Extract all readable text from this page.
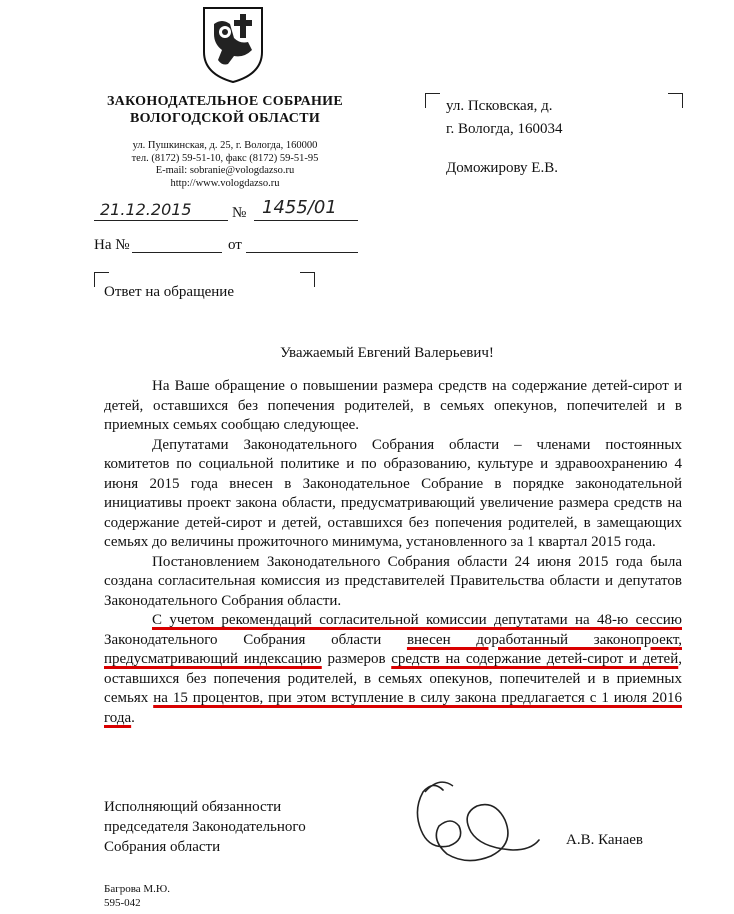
ЗАКОНОДАТЕЛЬНОЕ СОБРАНИЕ
ВОЛОГОДСКОЙ ОБЛАСТИ
ул. Пушкинская, д. 25, г. Вологда, 160000
тел. (8172) 59-51-10, факс (8172) 59-51-95
E-mail: sobranie@vologdazso.ru
http://www.vologdazso.ru
21.12.2015	№ 1455/01
На №	от
ул. Псковская, д.
г. Вологда, 160034
Доможирову Е.В.
Ответ на обращение
Уважаемый Евгений Валерьевич!

На Ваше обращение о повышении размера средств на содержание детей-сирот и детей, оставшихся без попечения родителей, в семьях опекунов, попечителей и в приемных семьях сообщаю следующее.

Депутатами Законодательного Собрания области – членами постоянных комитетов по социальной политике и по образованию, культуре и здравоохранению 4 июня 2015 года внесен в Законодательное Собрание в порядке законодательной инициативы проект закона области, предусматривающий увеличение размера средств на содержание детей-сирот и детей, оставшихся без попечения родителей, в замещающих семьях до величины прожиточного минимума, установленного за 1 квартал 2015 года.

Постановлением Законодательного Собрания области 24 июня 2015 года была создана согласительная комиссия из представителей Правительства области и депутатов Законодательного Собрания области.

С учетом рекомендаций согласительной комиссии депутатами на 48-ю сессию Законодательного Собрания области внесен доработанный законопроект, предусматривающий индексацию размеров средств на содержание детей-сирот и детей, оставшихся без попечения родителей, в семьях опекунов, попечителей и в приемных семьях на 15 процентов, при этом вступление в силу закона предлагается с 1 июля 2016 года.

Исполняющий обязанности
председателя Законодательного
Собрания области	А.В. Канаев
Багрова М.Ю.
595-042
